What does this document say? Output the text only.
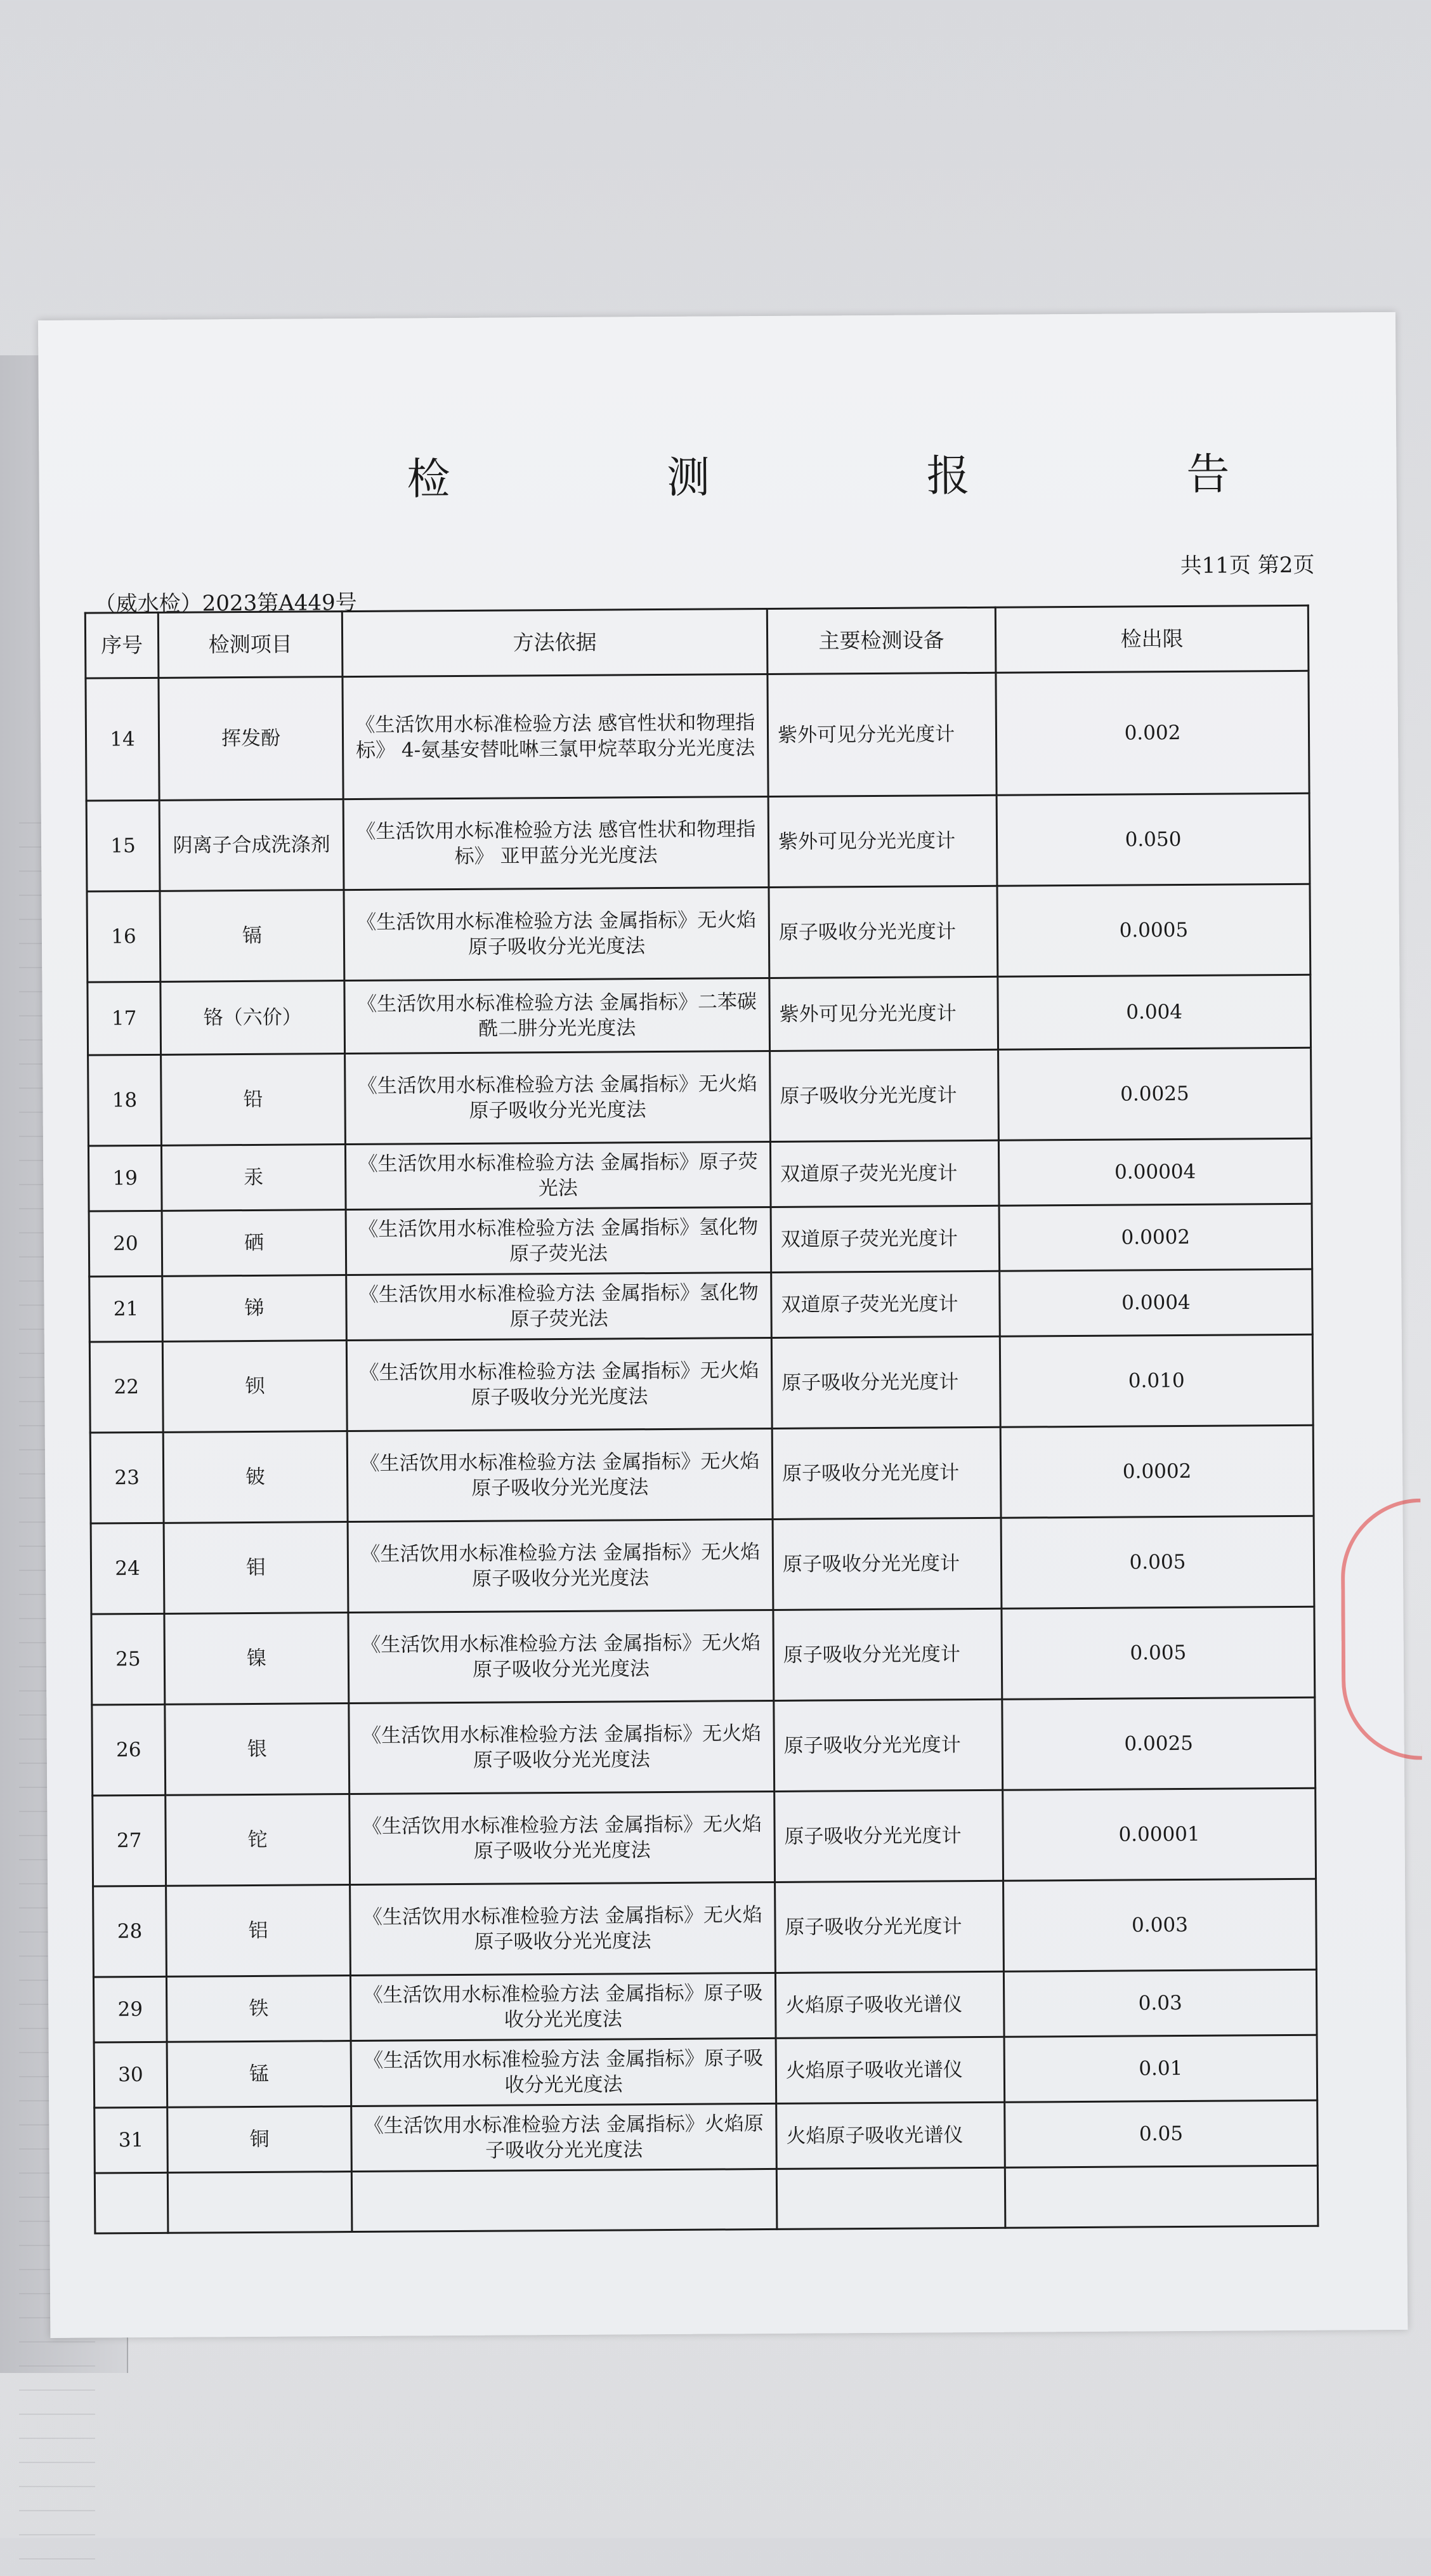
检 测 报 告
共11页 第2页
（威水检）2023第A449号
序号	检测项目	方法依据	主要检测设备	检出限
14	挥发酚	《生活饮用水标准检验方法 感官性状和物理指标》 4-氨基安替吡啉三氯甲烷萃取分光光度法	紫外可见分光光度计	0.002
15	阴离子合成洗涤剂	《生活饮用水标准检验方法 感官性状和物理指标》 亚甲蓝分光光度法	紫外可见分光光度计	0.050
16	镉	《生活饮用水标准检验方法 金属指标》无火焰原子吸收分光光度法	原子吸收分光光度计	0.0005
17	铬（六价）	《生活饮用水标准检验方法 金属指标》二苯碳酰二肼分光光度法	紫外可见分光光度计	0.004
18	铅	《生活饮用水标准检验方法 金属指标》无火焰原子吸收分光光度法	原子吸收分光光度计	0.0025
19	汞	《生活饮用水标准检验方法 金属指标》原子荧光法	双道原子荧光光度计	0.00004
20	硒	《生活饮用水标准检验方法 金属指标》氢化物原子荧光法	双道原子荧光光度计	0.0002
21	锑	《生活饮用水标准检验方法 金属指标》氢化物原子荧光法	双道原子荧光光度计	0.0004
22	钡	《生活饮用水标准检验方法 金属指标》无火焰原子吸收分光光度法	原子吸收分光光度计	0.010
23	铍	《生活饮用水标准检验方法 金属指标》无火焰原子吸收分光光度法	原子吸收分光光度计	0.0002
24	钼	《生活饮用水标准检验方法 金属指标》无火焰原子吸收分光光度法	原子吸收分光光度计	0.005
25	镍	《生活饮用水标准检验方法 金属指标》无火焰原子吸收分光光度法	原子吸收分光光度计	0.005
26	银	《生活饮用水标准检验方法 金属指标》无火焰原子吸收分光光度法	原子吸收分光光度计	0.0025
27	铊	《生活饮用水标准检验方法 金属指标》无火焰原子吸收分光光度法	原子吸收分光光度计	0.00001
28	铝	《生活饮用水标准检验方法 金属指标》无火焰原子吸收分光光度法	原子吸收分光光度计	0.003
29	铁	《生活饮用水标准检验方法 金属指标》原子吸收分光光度法	火焰原子吸收光谱仪	0.03
30	锰	《生活饮用水标准检验方法 金属指标》原子吸收分光光度法	火焰原子吸收光谱仪	0.01
31	铜	《生活饮用水标准检验方法 金属指标》火焰原子吸收分光光度法	火焰原子吸收光谱仪	0.05
